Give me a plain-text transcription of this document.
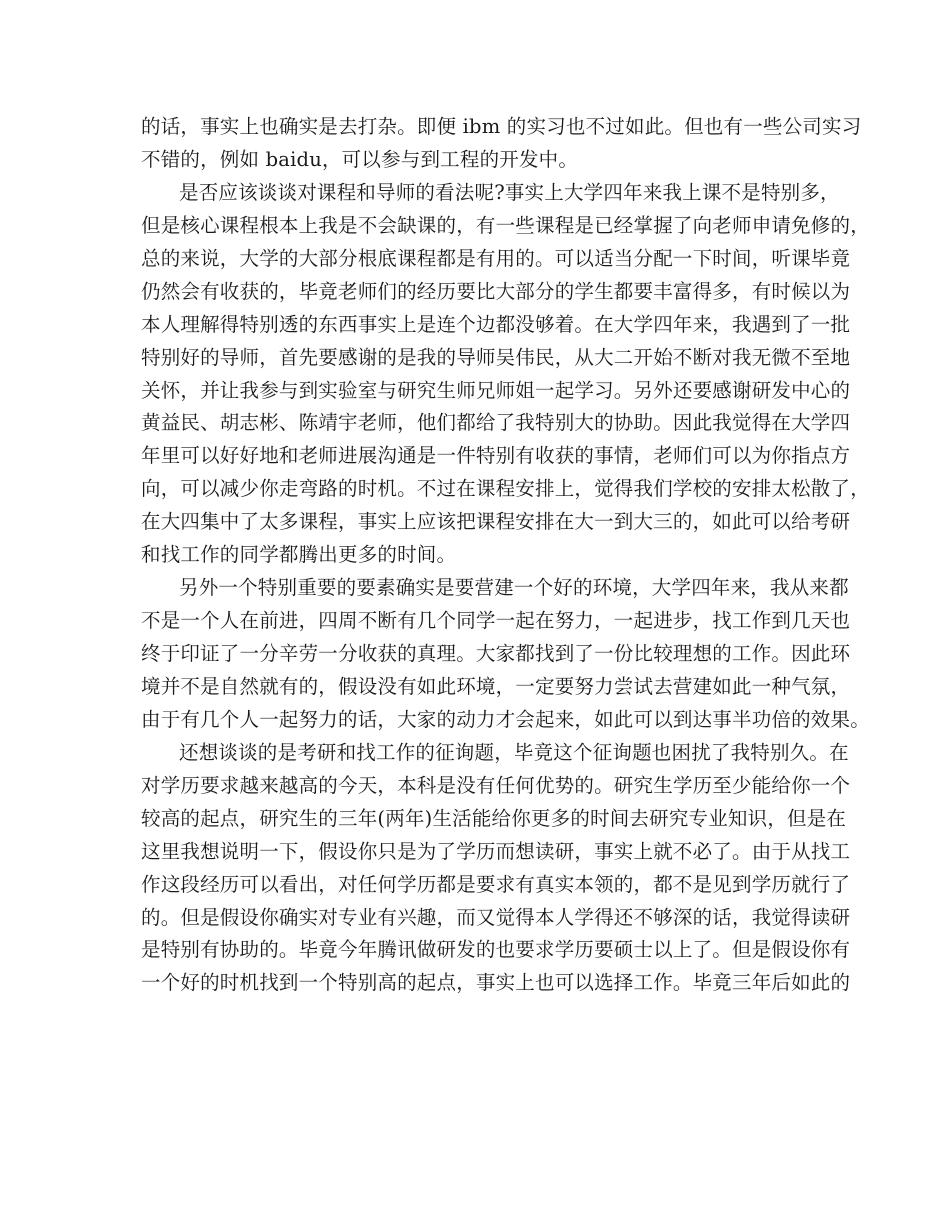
的话，事实上也确实是去打杂。即便 ibm 的实习也不过如此。但也有一些公司实习
不错的，例如 baidu，可以参与到工程的开发中。
是否应该谈谈对课程和导师的看法呢?事实上大学四年来我上课不是特别多，
但是核心课程根本上我是不会缺课的，有一些课程是已经掌握了向老师申请免修的，
总的来说，大学的大部分根底课程都是有用的。可以适当分配一下时间，听课毕竟
仍然会有收获的，毕竟老师们的经历要比大部分的学生都要丰富得多，有时候以为
本人理解得特别透的东西事实上是连个边都没够着。在大学四年来，我遇到了一批
特别好的导师，首先要感谢的是我的导师吴伟民，从大二开始不断对我无微不至地
关怀，并让我参与到实验室与研究生师兄师姐一起学习。另外还要感谢研发中心的
黄益民、胡志彬、陈靖宇老师，他们都给了我特别大的协助。因此我觉得在大学四
年里可以好好地和老师进展沟通是一件特别有收获的事情，老师们可以为你指点方
向，可以减少你走弯路的时机。不过在课程安排上，觉得我们学校的安排太松散了，
在大四集中了太多课程，事实上应该把课程安排在大一到大三的，如此可以给考研
和找工作的同学都腾出更多的时间。
另外一个特别重要的要素确实是要营建一个好的环境，大学四年来，我从来都
不是一个人在前进，四周不断有几个同学一起在努力，一起进步，找工作到几天也
终于印证了一分辛劳一分收获的真理。大家都找到了一份比较理想的工作。因此环
境并不是自然就有的，假设没有如此环境，一定要努力尝试去营建如此一种气氛，
由于有几个人一起努力的话，大家的动力才会起来，如此可以到达事半功倍的效果。
还想谈谈的是考研和找工作的征询题，毕竟这个征询题也困扰了我特别久。在
对学历要求越来越高的今天，本科是没有任何优势的。研究生学历至少能给你一个
较高的起点，研究生的三年(两年)生活能给你更多的时间去研究专业知识，但是在
这里我想说明一下，假设你只是为了学历而想读研，事实上就不必了。由于从找工
作这段经历可以看出，对任何学历都是要求有真实本领的，都不是见到学历就行了
的。但是假设你确实对专业有兴趣，而又觉得本人学得还不够深的话，我觉得读研
是特别有协助的。毕竟今年腾讯做研发的也要求学历要硕士以上了。但是假设你有
一个好的时机找到一个特别高的起点，事实上也可以选择工作。毕竟三年后如此的
